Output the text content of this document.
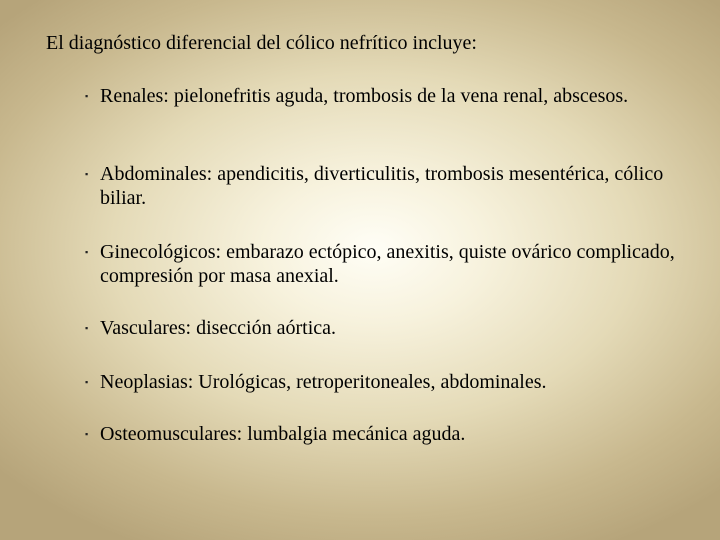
El diagnóstico diferencial del cólico nefrítico incluye:
▪ Renales: pielonefritis aguda, trombosis de la vena renal, abscesos.
▪ Abdominales: apendicitis, diverticulitis, trombosis mesentérica, cólico biliar.
▪ Ginecológicos: embarazo ectópico, anexitis, quiste ovárico complicado, compresión por masa anexial.
▪ Vasculares: disección aórtica.
▪ Neoplasias: Urológicas, retroperitoneales, abdominales.
▪ Osteomusculares: lumbalgia mecánica aguda.
